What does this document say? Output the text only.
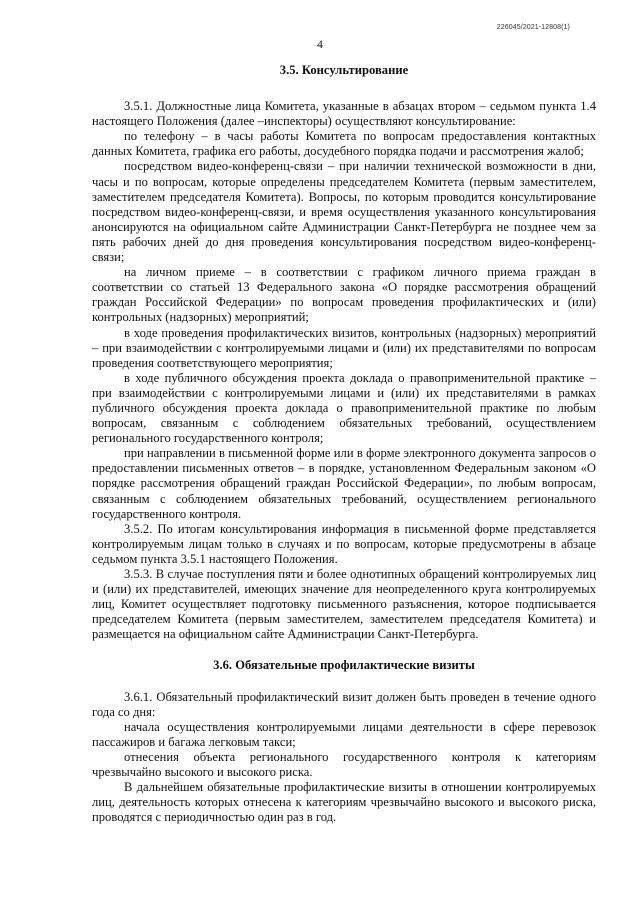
226045/2021-12808(1)
4
3.5. Консультирование

3.5.1. Должностные лица Комитета, указанные в абзацах втором – седьмом пункта 1.4 настоящего Положения (далее –инспекторы) осуществляют консультирование:

по телефону – в часы работы Комитета по вопросам предоставления контактных данных Комитета, графика его работы, досудебного порядка подачи и рассмотрения жалоб;

посредством видео-конференц-связи – при наличии технической возможности в дни, часы и по вопросам, которые определены председателем Комитета (первым заместителем, заместителем председателя Комитета). Вопросы, по которым проводится консультирование посредством видео-конференц-связи, и время осуществления указанного консультирования анонсируются на официальном сайте Администрации Санкт-Петербурга не позднее чем за пять рабочих дней до дня проведения консультирования посредством видео-конференц-связи;

на личном приеме – в соответствии с графиком личного приема граждан в соответствии со статьей 13 Федерального закона «О порядке рассмотрения обращений граждан Российской Федерации» по вопросам проведения профилактических и (или) контрольных (надзорных) мероприятий;

в ходе проведения профилактических визитов, контрольных (надзорных) мероприятий – при взаимодействии с контролируемыми лицами и (или) их представителями по вопросам проведения соответствующего мероприятия;

в ходе публичного обсуждения проекта доклада о правоприменительной практике – при взаимодействии с контролируемыми лицами и (или) их представителями в рамках публичного обсуждения проекта доклада о правоприменительной практике по любым вопросам, связанным с соблюдением обязательных требований, осуществлением регионального государственного контроля;

при направлении в письменной форме или в форме электронного документа запросов о предоставлении письменных ответов – в порядке, установленном Федеральным законом «О порядке рассмотрения обращений граждан Российской Федерации», по любым вопросам, связанным с соблюдением обязательных требований, осуществлением регионального государственного контроля.

3.5.2. По итогам консультирования информация в письменной форме представляется контролируемым лицам только в случаях и по вопросам, которые предусмотрены в абзаце седьмом пункта 3.5.1 настоящего Положения.

3.5.3. В случае поступления пяти и более однотипных обращений контролируемых лиц и (или) их представителей, имеющих значение для неопределенного круга контролируемых лиц, Комитет осуществляет подготовку письменного разъяснения, которое подписывается председателем Комитета (первым заместителем, заместителем председателя Комитета) и размещается на официальном сайте Администрации Санкт-Петербурга.

3.6. Обязательные профилактические визиты

3.6.1. Обязательный профилактический визит должен быть проведен в течение одного года со дня:

начала осуществления контролируемыми лицами деятельности в сфере перевозок пассажиров и багажа легковым такси;

отнесения объекта регионального государственного контроля к категориям чрезвычайно высокого и высокого риска.

В дальнейшем обязательные профилактические визиты в отношении контролируемых лиц, деятельность которых отнесена к категориям чрезвычайно высокого и высокого риска, проводятся с периодичностью один раз в год.
